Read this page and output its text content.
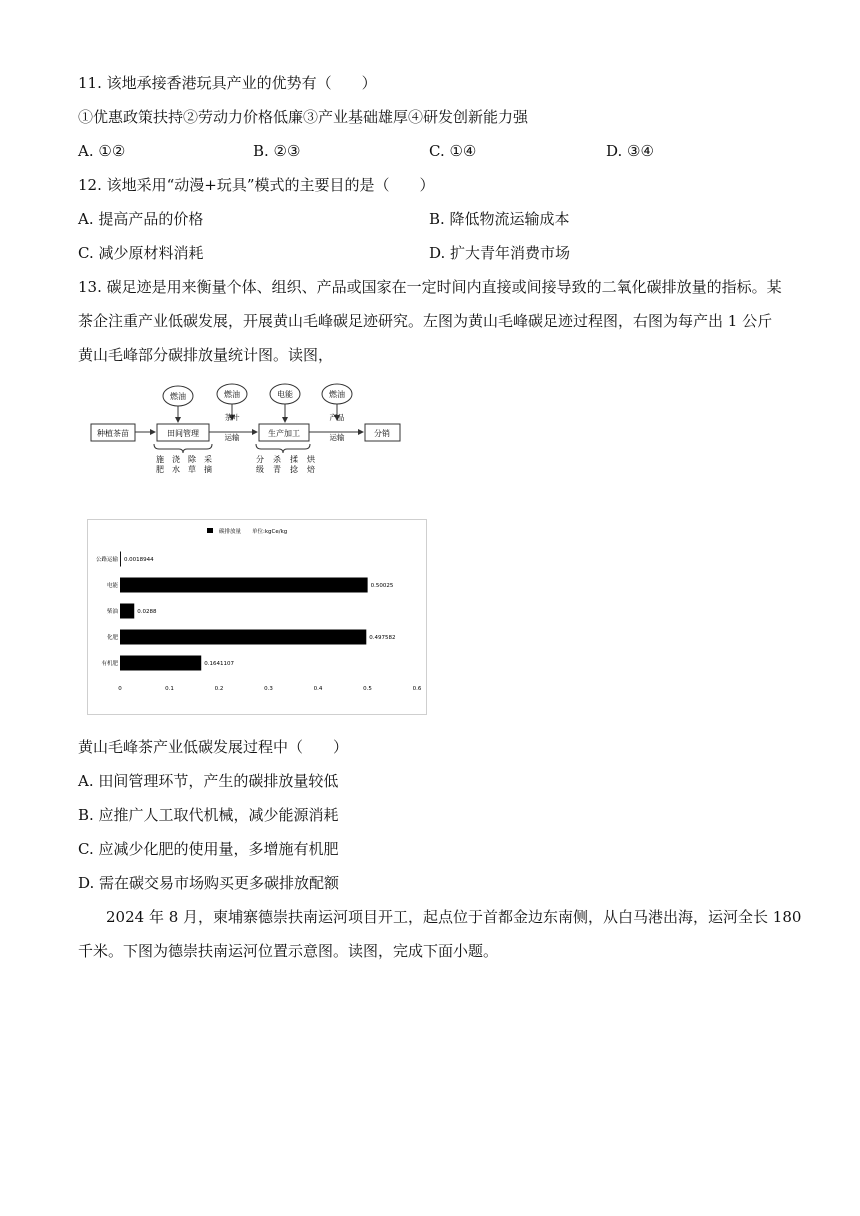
11. 该地承接香港玩具产业的优势有（　　）
①优惠政策扶持②劳动力价格低廉③产业基础雄厚④研发创新能力强
A. ①②	B. ②③	C. ①④	D. ③④
12. 该地采用“动漫+玩具”模式的主要目的是（　　）
A. 提高产品的价格	B. 降低物流运输成本
C. 减少原材料消耗	D. 扩大青年消费市场
13. 碳足迹是用来衡量个体、组织、产品或国家在一定时间内直接或间接导致的二氧化碳排放量的指标。某
茶企注重产业低碳发展，开展黄山毛峰碳足迹研究。左图为黄山毛峰碳足迹过程图，右图为每产出 1 公斤
黄山毛峰部分碳排放量统计图。读图，
燃油	燃油	电能	燃油
种植茶苗	田间管理	生产加工	分销
茶叶
运输
产品
运输
施
肥
浇
水
除
草
采
摘
分
级
杀
青
揉
捻
烘
焙
碳排放量 单位:kgCe/kg
公路运输 0.0018944
电能	0.50025
柴油	0.0288
化肥	0.497582
有机肥	0.1641107
0	0.1	0.2	0.3	0.4	0.5	0.6
黄山毛峰茶产业低碳发展过程中（　　）
A. 田间管理环节，产生的碳排放量较低
B. 应推广人工取代机械，减少能源消耗
C. 应减少化肥的使用量，多增施有机肥
D. 需在碳交易市场购买更多碳排放配额
2024 年 8 月，柬埔寨德崇扶南运河项目开工，起点位于首都金边东南侧，从白马港出海，运河全长 180
千米。下图为德崇扶南运河位置示意图。读图，完成下面小题。
